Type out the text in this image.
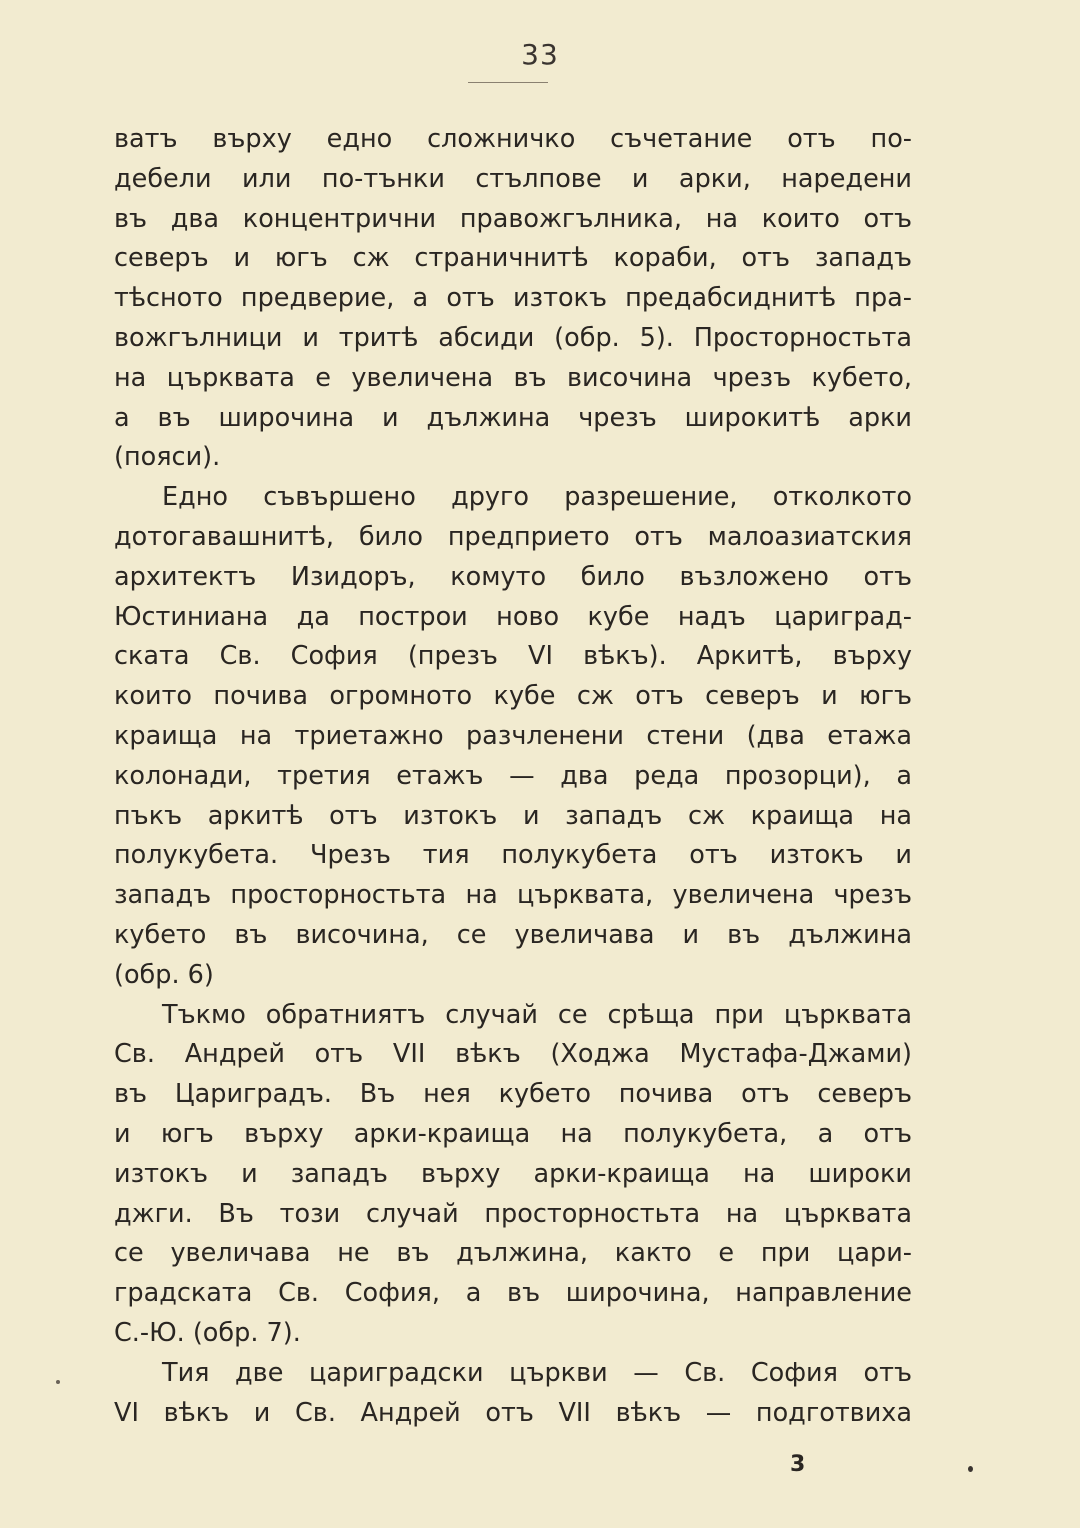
33
ватъ върху едно сложничко съчетание отъ по-
дебели или по-тънки стълпове и арки, наредени
въ два концентрични правожгълника, на които отъ
северъ и югъ сж страничнитѣ кораби, отъ западъ
тѣсното предверие, а отъ изтокъ предабсиднитѣ пра-
вожгълници и тритѣ абсиди (обр. 5). Просторностьта
на църквата е увеличена въ височина чрезъ кубето,
а въ широчина и дължина чрезъ широкитѣ арки
(пояси).
Едно съвършено друго разрешение, отколкото
дотогавашнитѣ, било предприето отъ малоазиатския
архитектъ Изидоръ, комуто било възложено отъ
Юстиниана да построи ново кубе надъ цариград-
ската Св. София (презъ VI вѣкъ). Аркитѣ, върху
които почива огромното кубе сж отъ северъ и югъ
краища на триетажно разчленени стени (два етажа
колонади, третия етажъ — два реда прозорци), а
пъкъ аркитѣ отъ изтокъ и западъ сж краища на
полукубета. Чрезъ тия полукубета отъ изтокъ и
западъ просторностьта на църквата, увеличена чрезъ
кубето въ височина, се увеличава и въ дължина
(обр. 6)
Тъкмо обратниятъ случай се срѣща при църквата
Св. Андрей отъ VII вѣкъ (Ходжа Мустафа-Джами)
въ Цариградъ. Въ нея кубето почива отъ северъ
и югъ върху арки-краища на полукубета, а отъ
изтокъ и западъ върху арки-краища на широки
джги. Въ този случай просторностьта на църквата
се увеличава не въ дължина, както е при цари-
градската Св. София, а въ широчина, направление
С.-Ю. (обр. 7).
Тия две цариградски църкви — Св. София отъ
VI вѣкъ и Св. Андрей отъ VII вѣкъ — подготвиха
3
